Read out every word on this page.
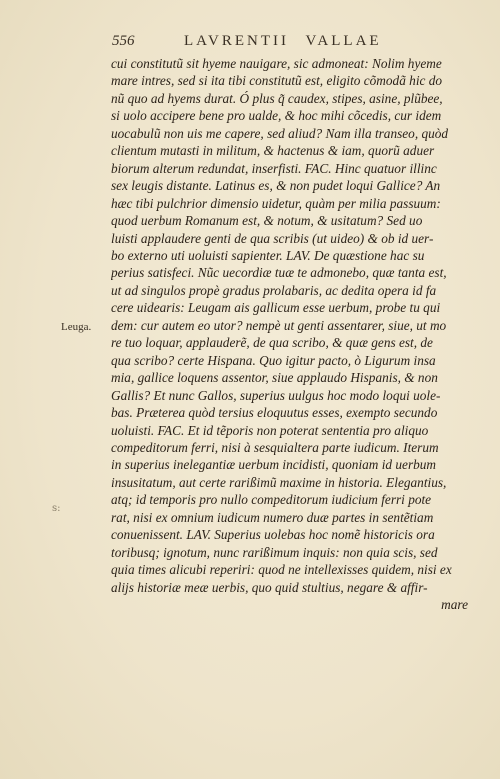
556	LAVRENTII VALLAE
Leuga.
s:
cui constitutũ sit hyeme nauigare, sic admoneat: Nolim hyeme
mare intres, sed si ita tibi constitutũ est, eligito cõmodã hic do
nũ quo ad hyems durat. Ó plus q̃ caudex, stipes, asine, plũbee,
si uolo accipere bene pro ualde, & hoc mihi cõcedis, cur idem
uocabulũ non uis me capere, sed aliud? Nam illa transeo, quòd
clientum mutasti in militum, & hactenus & iam, quorũ aduer
biorum alterum redundat, inserfisti. FAC. Hinc quatuor illinc
sex leugis distante. Latinus es, & non pudet loqui Gallice? An
hæc tibi pulchrior dimensio uidetur, quàm per milia passuum:
quod uerbum Romanum est, & notum, & usitatum? Sed uo
luisti applaudere genti de qua scribis (ut uideo) & ob id uer-
bo externo uti uoluisti sapienter. LAV. De quæstione hac su
perius satisfeci. Nũc uecordiæ tuæ te admonebo, quæ tanta est,
ut ad singulos propè gradus prolabaris, ac dedita opera id fa
cere uidearis: Leugam ais gallicum esse uerbum, probe tu qui
dem: cur autem eo utor? nempè ut genti assentarer, siue, ut mo
re tuo loquar, applauderẽ, de qua scribo, & quæ gens est, de
qua scribo? certe Hispana. Quo igitur pacto, ò Ligurum insa
mia, gallice loquens assentor, siue applaudo Hispanis, & non
Gallis? Et nunc Gallos, superius uulgus hoc modo loqui uole-
bas. Præterea quòd tersius eloquutus esses, exempto secundo
uoluisti. FAC. Et id tẽporis non poterat sententia pro aliquo
compeditorum ferri, nisi à sesquialtera parte iudicum. Iterum
in superius inelegantiæ uerbum incidisti, quoniam id uerbum
insusitatum, aut certe rarißimũ maxime in historia. Elegantius,
atq; id temporis pro nullo compeditorum iudicium ferri pote
rat, nisi ex omnium iudicum numero duæ partes in sentẽtiam
conuenissent. LAV. Superius uolebas hoc nomẽ historicis ora
toribusq; ignotum, nunc rarißimum inquis: non quia scis, sed
quia times alicubi reperiri: quod ne intellexisses quidem, nisi ex
alijs historiæ meæ uerbis, quo quid stultius, negare & affir-
mare
